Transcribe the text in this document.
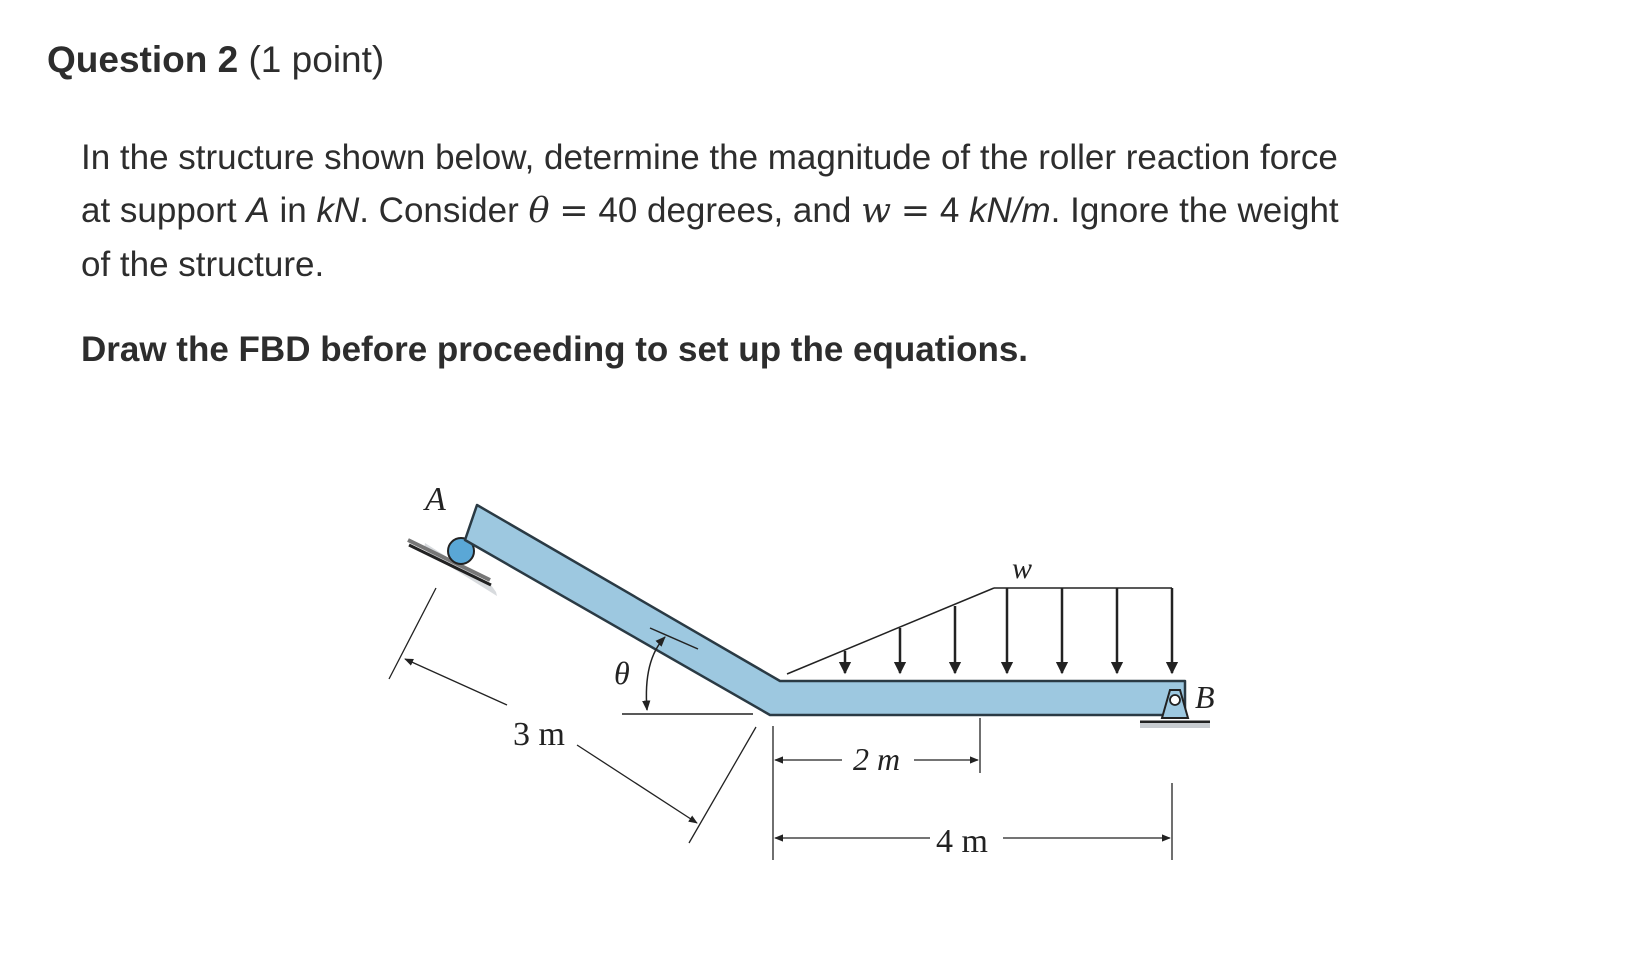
Question 2 (1 point)
In the structure shown below, determine the magnitude of the roller reaction force
at support A in kN. Consider θ = 40 degrees, and w = 4 kN/m. Ignore the weight
of the structure.
Draw the FBD before proceeding to set up the equations.
A
B
w
θ
3 m
2 m
4 m
